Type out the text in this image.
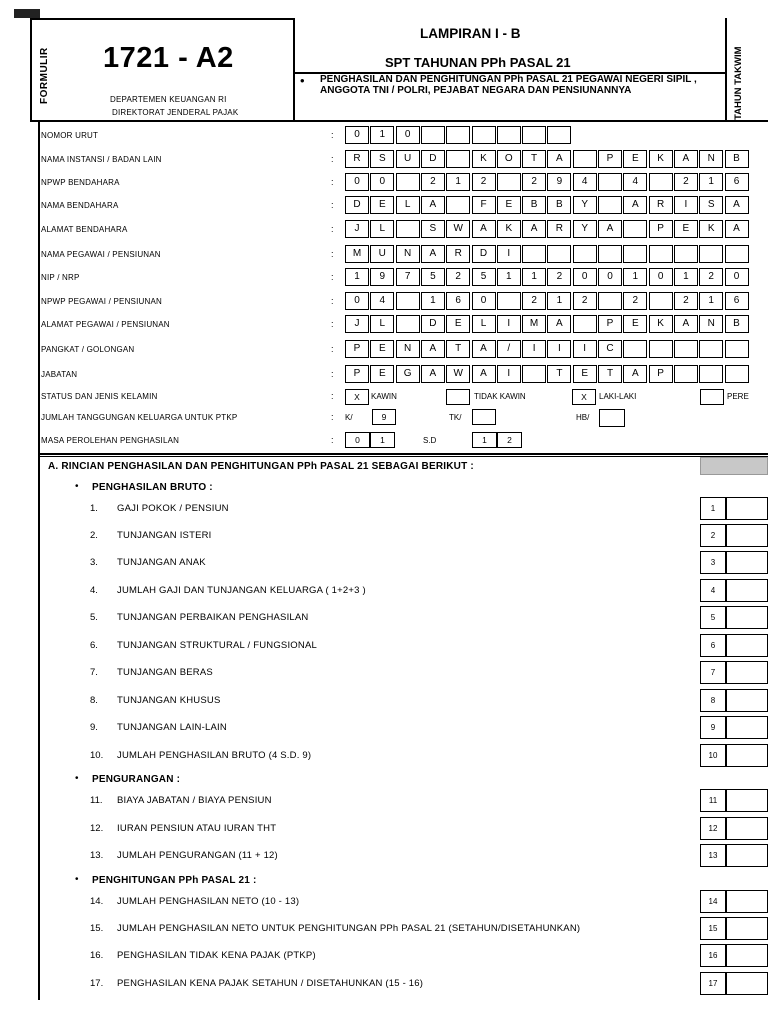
FORMULIR 1721 - A2
DEPARTEMEN KEUANGAN RI
DIREKTORAT JENDERAL PAJAK
LAMPIRAN I - B
SPT TAHUNAN PPh PASAL 21
• PENGHASILAN DAN PENGHITUNGAN PPh PASAL 21 PEGAWAI NEGERI SIPIL , ANGGOTA TNI / POLRI, PEJABAT NEGARA DAN PENSIUNANNYA	TAHUN TAKWIM
NOMOR URUT	:	0	1	0
NAMA INSTANSI / BADAN LAIN	:	R	S	U	D	K	O	T	A	P	E	K	A	N	B
NPWP BENDAHARA	:	0	0	2	1	2	2	9	4	4	2	1	6
NAMA BENDAHARA	:	D	E	L	A	F	E	B	B	Y	A	R	I	S	A
ALAMAT BENDAHARA	:	J	L	S	W	A	K	A	R	Y	A	P	E	K	A
NAMA PEGAWAI / PENSIUNAN	:	M	U	N	A	R	D	I
NIP / NRP	:	1	9	7	5	2	5	1	1	2	0	0	1	0	1	2	0
NPWP PEGAWAI / PENSIUNAN	:	0	4	1	6	0	2	1	2	2	2	1	6
ALAMAT PEGAWAI / PENSIUNAN	:	J	L	D	E	L	I	M	A	P	E	K	A	N	B
PANGKAT / GOLONGAN	:	P	E	N	A	T	A	/	I	I	I	C
JABATAN	:	P	E	G	A	W	A	I	T	E	T	A	P
STATUS DAN JENIS KELAMIN	:	X	KAWIN	TIDAK KAWIN	X	LAKI-LAKI	PERE
JUMLAH TANGGUNGAN KELUARGA UNTUK PTKP	: K/	9	TK/	HB/
MASA PEROLEHAN PENGHASILAN	:	0	1	S.D	1	2
A. RINCIAN PENGHASILAN DAN PENGHITUNGAN PPh PASAL 21 SEBAGAI BERIKUT :
• PENGHASILAN BRUTO :
1. GAJI POKOK / PENSIUN	1
2. TUNJANGAN ISTERI	2
3. TUNJANGAN ANAK	3
4. JUMLAH GAJI DAN TUNJANGAN KELUARGA ( 1+2+3 )	4
5. TUNJANGAN PERBAIKAN PENGHASILAN	5
6. TUNJANGAN STRUKTURAL / FUNGSIONAL	6
7. TUNJANGAN BERAS	7
8. TUNJANGAN KHUSUS	8
9. TUNJANGAN LAIN-LAIN	9
10. JUMLAH PENGHASILAN BRUTO (4 S.D. 9)	10
• PENGURANGAN :
11. BIAYA JABATAN / BIAYA PENSIUN	11
12. IURAN PENSIUN ATAU IURAN THT	12
13. JUMLAH PENGURANGAN (11 + 12)	13
• PENGHITUNGAN PPh PASAL 21 :
14. JUMLAH PENGHASILAN NETO (10 - 13)	14
15. JUMLAH PENGHASILAN NETO UNTUK PENGHITUNGAN PPh PASAL 21 (SETAHUN/DISETAHUNKAN)	15
16. PENGHASILAN TIDAK KENA PAJAK (PTKP)	16
17. PENGHASILAN KENA PAJAK SETAHUN / DISETAHUNKAN (15 - 16)	17
